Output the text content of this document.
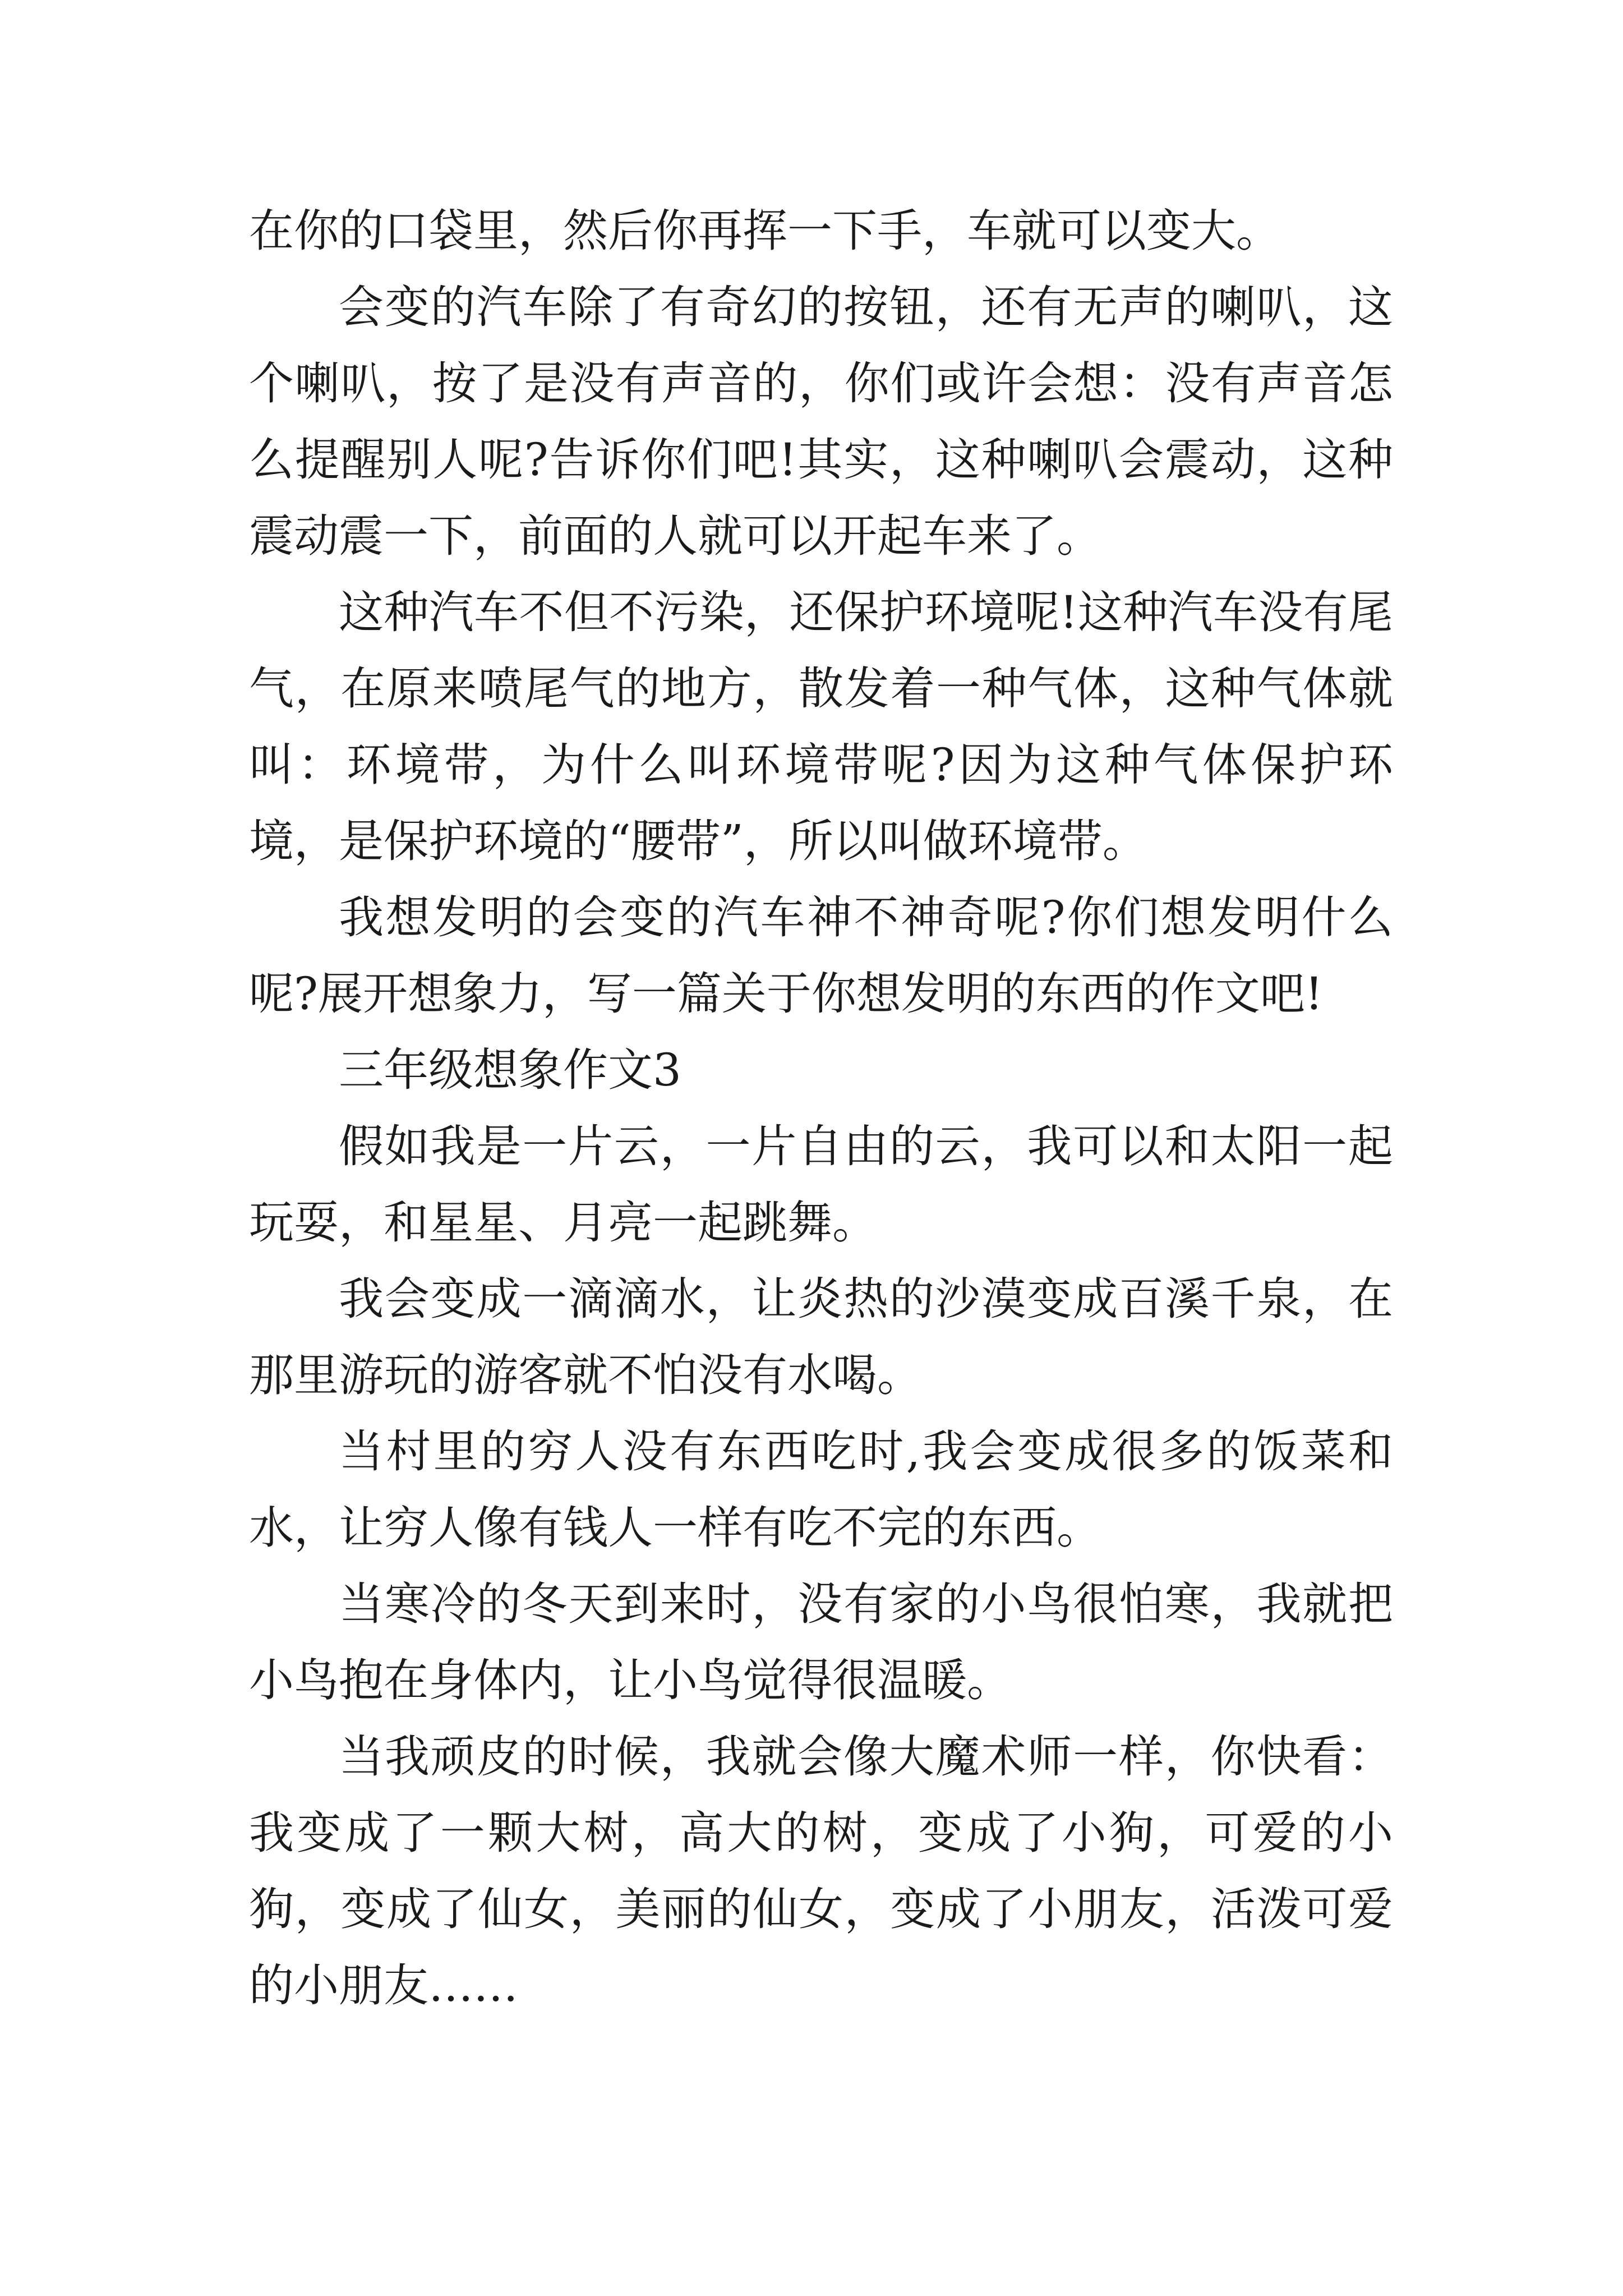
在你的口袋里，然后你再挥一下手，车就可以变大。

会变的汽车除了有奇幻的按钮，还有无声的喇叭，这个喇叭，按了是没有声音的，你们或许会想：没有声音怎么提醒别人呢?告诉你们吧!其实，这种喇叭会震动，这种震动震一下，前面的人就可以开起车来了。

这种汽车不但不污染，还保护环境呢!这种汽车没有尾气，在原来喷尾气的地方，散发着一种气体，这种气体就叫：环境带，为什么叫环境带呢?因为这种气体保护环境，是保护环境的“腰带”，所以叫做环境带。

我想发明的会变的汽车神不神奇呢?你们想发明什么呢?展开想象力，写一篇关于你想发明的东西的作文吧!

三年级想象作文3

假如我是一片云，一片自由的云，我可以和太阳一起玩耍，和星星、月亮一起跳舞。

我会变成一滴滴水，让炎热的沙漠变成百溪千泉，在那里游玩的游客就不怕没有水喝。

当村里的穷人没有东西吃时,我会变成很多的饭菜和水，让穷人像有钱人一样有吃不完的东西。

当寒冷的冬天到来时，没有家的小鸟很怕寒，我就把小鸟抱在身体内，让小鸟觉得很温暖。

当我顽皮的时候，我就会像大魔术师一样，你快看：我变成了一颗大树，高大的树，变成了小狗，可爱的小狗，变成了仙女，美丽的仙女，变成了小朋友，活泼可爱的小朋友……
